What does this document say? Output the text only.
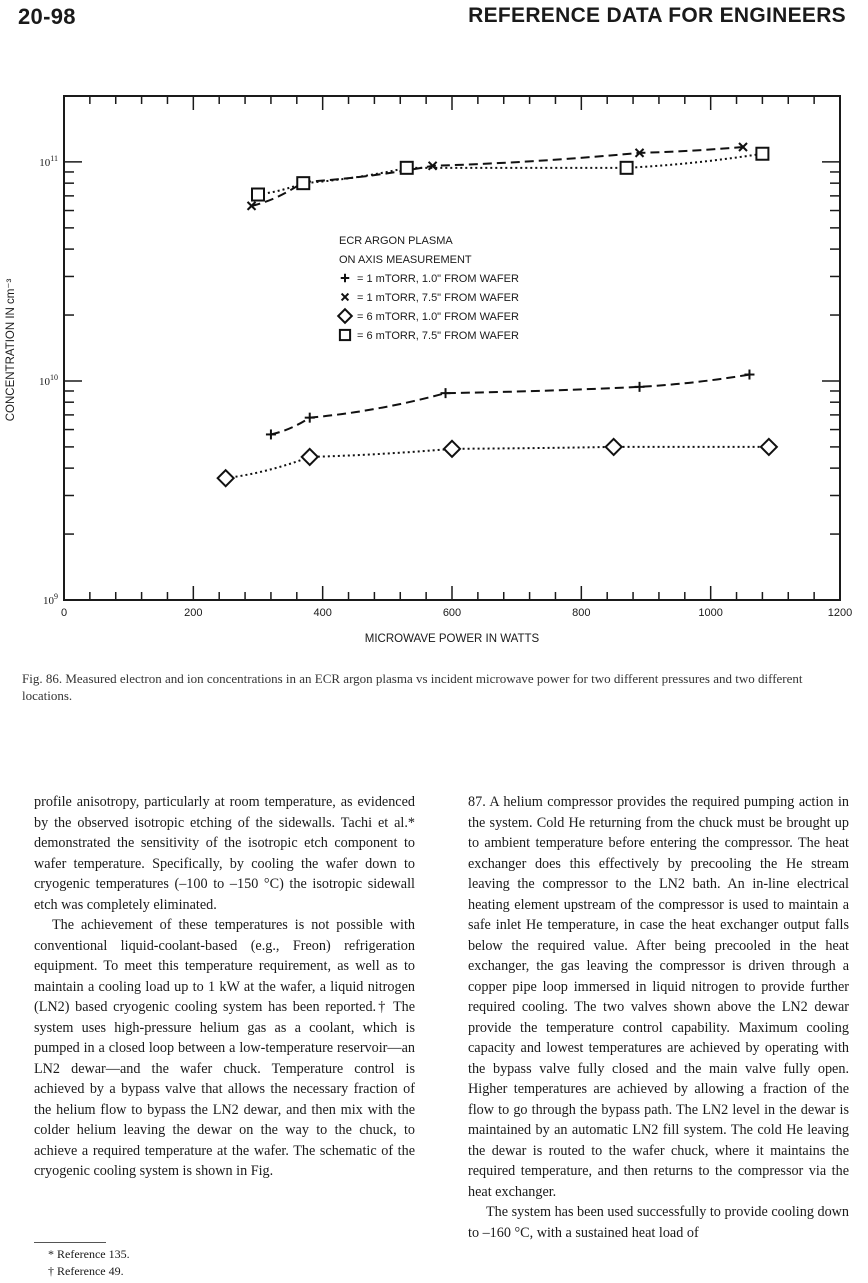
20-98	REFERENCE DATA FOR ENGINEERS
0	200	400	600	800	1000	1200
$10^9$
$10^{10}$
$10^{11}$
ECR ARGON PLASMA
ON AXIS MEASUREMENT
= 1 mTORR, 1.0" FROM WAFER
= 1 mTORR, 7.5" FROM WAFER
= 6 mTORR, 1.0" FROM WAFER
= 6 mTORR, 7.5" FROM WAFER
MICROWAVE POWER IN WATTS
CONCENTRATION IN cm⁻³
Fig. 86. Measured electron and ion concentrations in an ECR argon plasma vs incident microwave power for two different pressures and two different locations.

profile anisotropy, particularly at room temperature, as evidenced by the observed isotropic etching of the sidewalls. Tachi et al.* demonstrated the sensitivity of the isotropic etch component to wafer temperature. Specifically, by cooling the wafer down to cryogenic temperatures (–100 to –150 °C) the isotropic sidewall etch was completely eliminated.

The achievement of these temperatures is not possible with conventional liquid-coolant-based (e.g., Freon) refrigeration equipment. To meet this temperature requirement, as well as to maintain a cooling load up to 1 kW at the wafer, a liquid nitrogen (LN2) based cryogenic cooling system has been reported.† The system uses high-pressure helium gas as a coolant, which is pumped in a closed loop between a low-temperature reservoir—an LN2 dewar—and the wafer chuck. Temperature control is achieved by a bypass valve that allows the necessary fraction of the helium flow to bypass the LN2 dewar, and then mix with the colder helium leaving the dewar on the way to the chuck, to achieve a required temperature at the wafer. The schematic of the cryogenic cooling system is shown in Fig.

87. A helium compressor provides the required pumping action in the system. Cold He returning from the chuck must be brought up to ambient temperature before entering the compressor. The heat exchanger does this effectively by precooling the He stream leaving the compressor to the LN2 bath. An in-line electrical heating element upstream of the compressor is used to maintain a safe inlet He temperature, in case the heat exchanger output falls below the required value. After being precooled in the heat exchanger, the gas leaving the compressor is driven through a copper pipe loop immersed in liquid nitrogen to provide further required cooling. The two valves shown above the LN2 dewar provide the temperature control capability. Maximum cooling capacity and lowest temperatures are achieved by operating with the bypass valve fully closed and the main valve fully open. Higher temperatures are achieved by allowing a fraction of the flow to go through the bypass path. The LN2 level in the dewar is maintained by an automatic LN2 fill system. The cold He leaving the dewar is routed to the wafer chuck, where it maintains the required temperature, and then returns to the compressor via the heat exchanger.

The system has been used successfully to provide cooling down to –160 °C, with a sustained heat load of

* Reference 135.
† Reference 49.
